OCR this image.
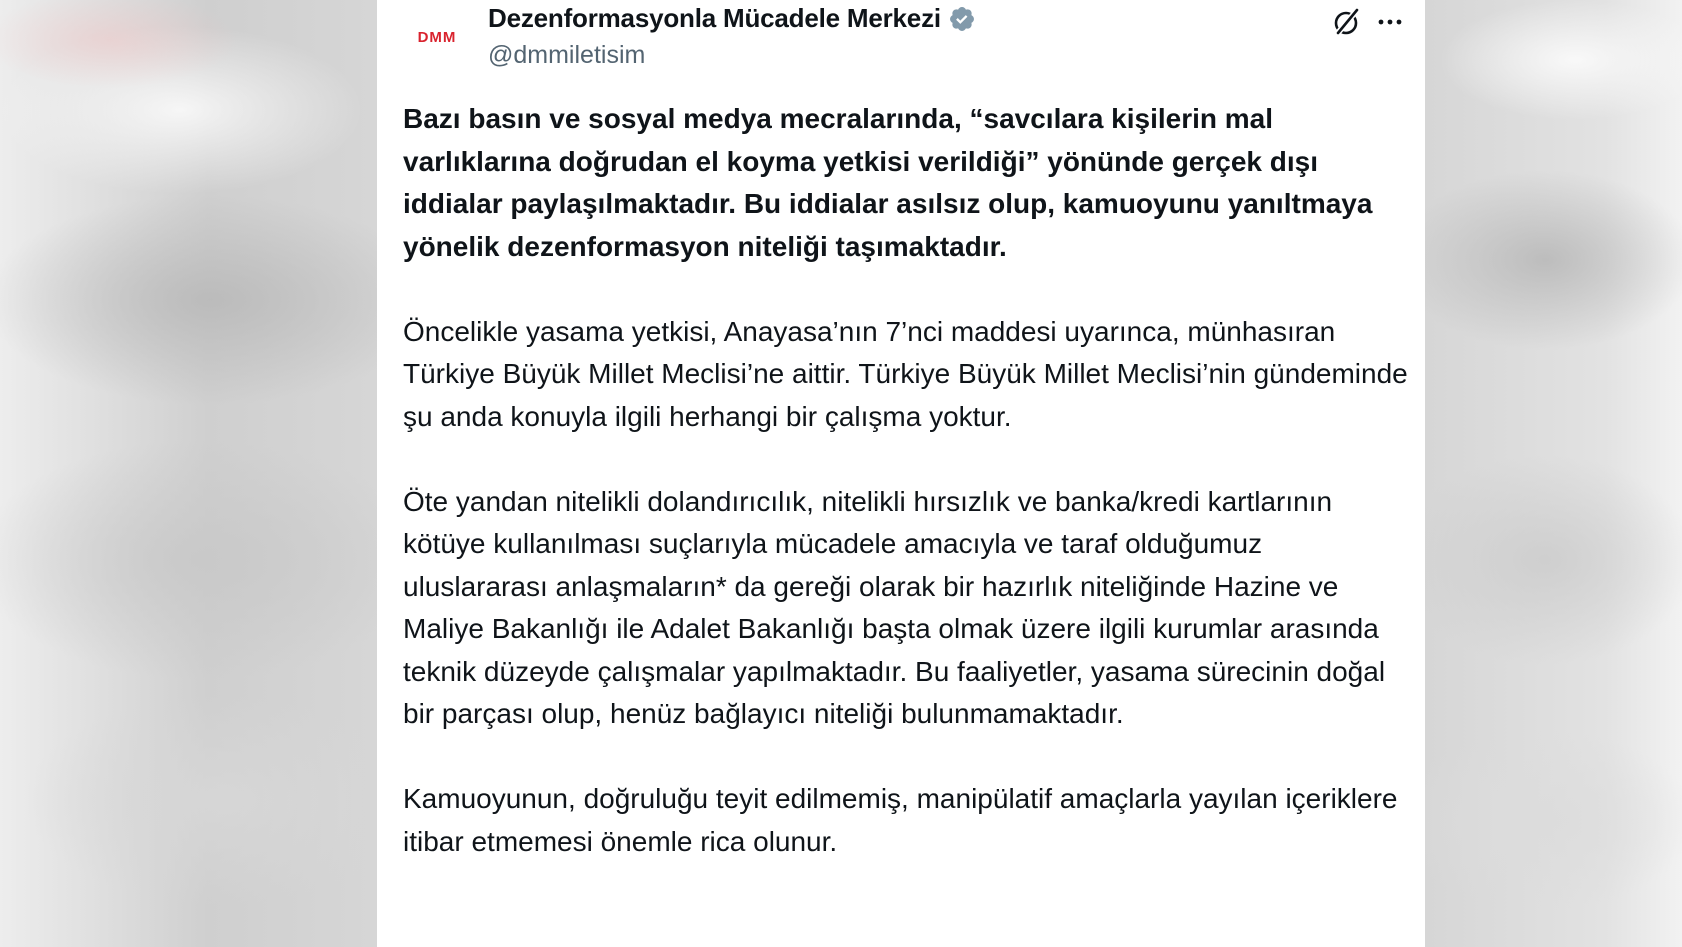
DMM
Dezenformasyonla Mücadele Merkezi
@dmmiletisim

Bazı basın ve sosyal medya mecralarında, “savcılara kişilerin mal varlıklarına doğrudan el koyma yetkisi verildiği” yönünde gerçek dışı iddialar paylaşılmaktadır. Bu iddialar asılsız olup, kamuoyunu yanıltmaya yönelik dezenformasyon niteliği taşımaktadır.

Öncelikle yasama yetkisi, Anayasa’nın 7’nci maddesi uyarınca, münhasıran Türkiye Büyük Millet Meclisi’ne aittir. Türkiye Büyük Millet Meclisi’nin gündeminde şu anda konuyla ilgili herhangi bir çalışma yoktur.

Öte yandan nitelikli dolandırıcılık, nitelikli hırsızlık ve banka/kredi kartlarının kötüye kullanılması suçlarıyla mücadele amacıyla ve taraf olduğumuz uluslararası anlaşmaların* da gereği olarak bir hazırlık niteliğinde Hazine ve Maliye Bakanlığı ile Adalet Bakanlığı başta olmak üzere ilgili kurumlar arasında teknik düzeyde çalışmalar yapılmaktadır. Bu faaliyetler, yasama sürecinin doğal bir parçası olup, henüz bağlayıcı niteliği bulunmamaktadır.

Kamuoyunun, doğruluğu teyit edilmemiş, manipülatif amaçlarla yayılan içeriklere itibar etmemesi önemle rica olunur.
